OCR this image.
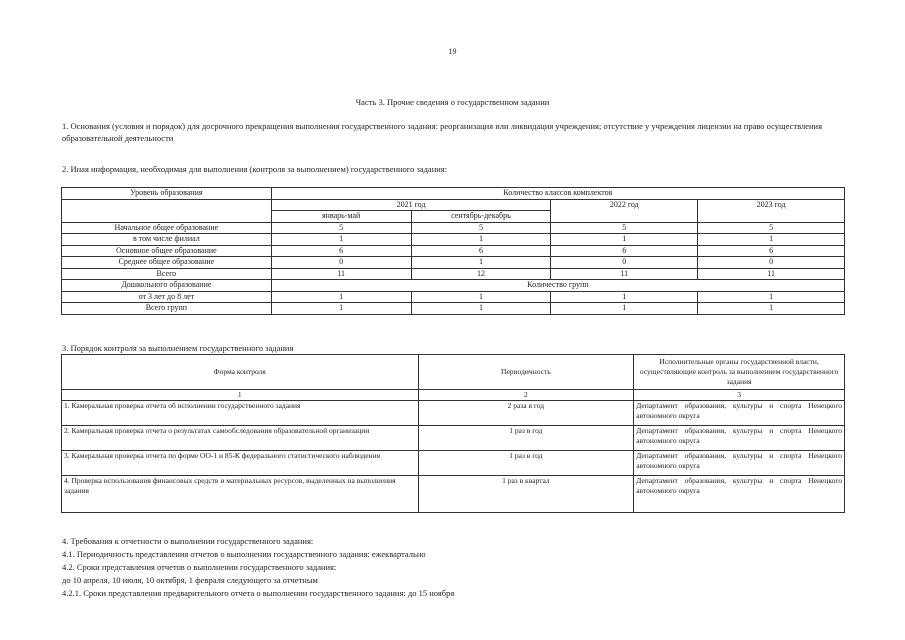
19
Часть 3. Прочие сведения о государственном задании
1. Основания (условия и порядок) для досрочного прекращения выполнения государственного задания: реорганизация или ликвидация учреждения; отсутствие у учреждения лицензии на право осуществления образовательной деятельности
2. Иная информация, необходимая для выполнения (контроля за выполнением) государственного задания:
Уровень образования	Количество классов комплектов			
	2021 год		2022 год	2023 год
	январь-май	сентябрь-декабрь		
Начальное общее образование	5	5	5	5
в том числе филиал	1	1	1	1
Основное общее образование	6	6	6	6
Среднее общее образование	0	1	0	0
Всего	11	12	11	11
Дошкольного образование	Количество групп			
от 3 лет до 8 лет	1	1	1	1
Всего групп	1	1	1	1
3. Порядок контроля за выполнением государственного задания
Форма контроля	Периодичность	Исполнительные органы государственной власти, осуществляющие контроль за выполнением государственного задания
1	2	3
1. Камеральная проверка отчета об исполнении государственного задания	2 раза в год	Департамент образования, культуры и спорта Ненецкого автономного округа
2. Камеральная проверка отчета о результатах самообследования образовательной организации	1 раз в год	Департамент образования, культуры и спорта Ненецкого автономного округа
3. Камеральная проверка отчета по форме ОО-1 и 85-К федерального статистического наблюдения	1 раз в год	Департамент образования, культуры и спорта Ненецкого автономного округа
4. Проверка использования финансовых средств и материальных ресурсов, выделенных на выполнения задания	1 раз в квартал	Департамент образования, культуры и спорта Ненецкого автономного округа
4. Требования к отчетности о выполнении государственного задания:
4.1. Периодичность представления отчетов о выполнении государственного задания: ежеквартально
4.2. Сроки представления отчетов о выполнении государственного задания:
до 10 апреля, 10 июля, 10 октября, 1 февраля следующего за отчетным
4.2.1. Сроки представления предварительного отчета о выполнении государственного задания: до 15 ноября
